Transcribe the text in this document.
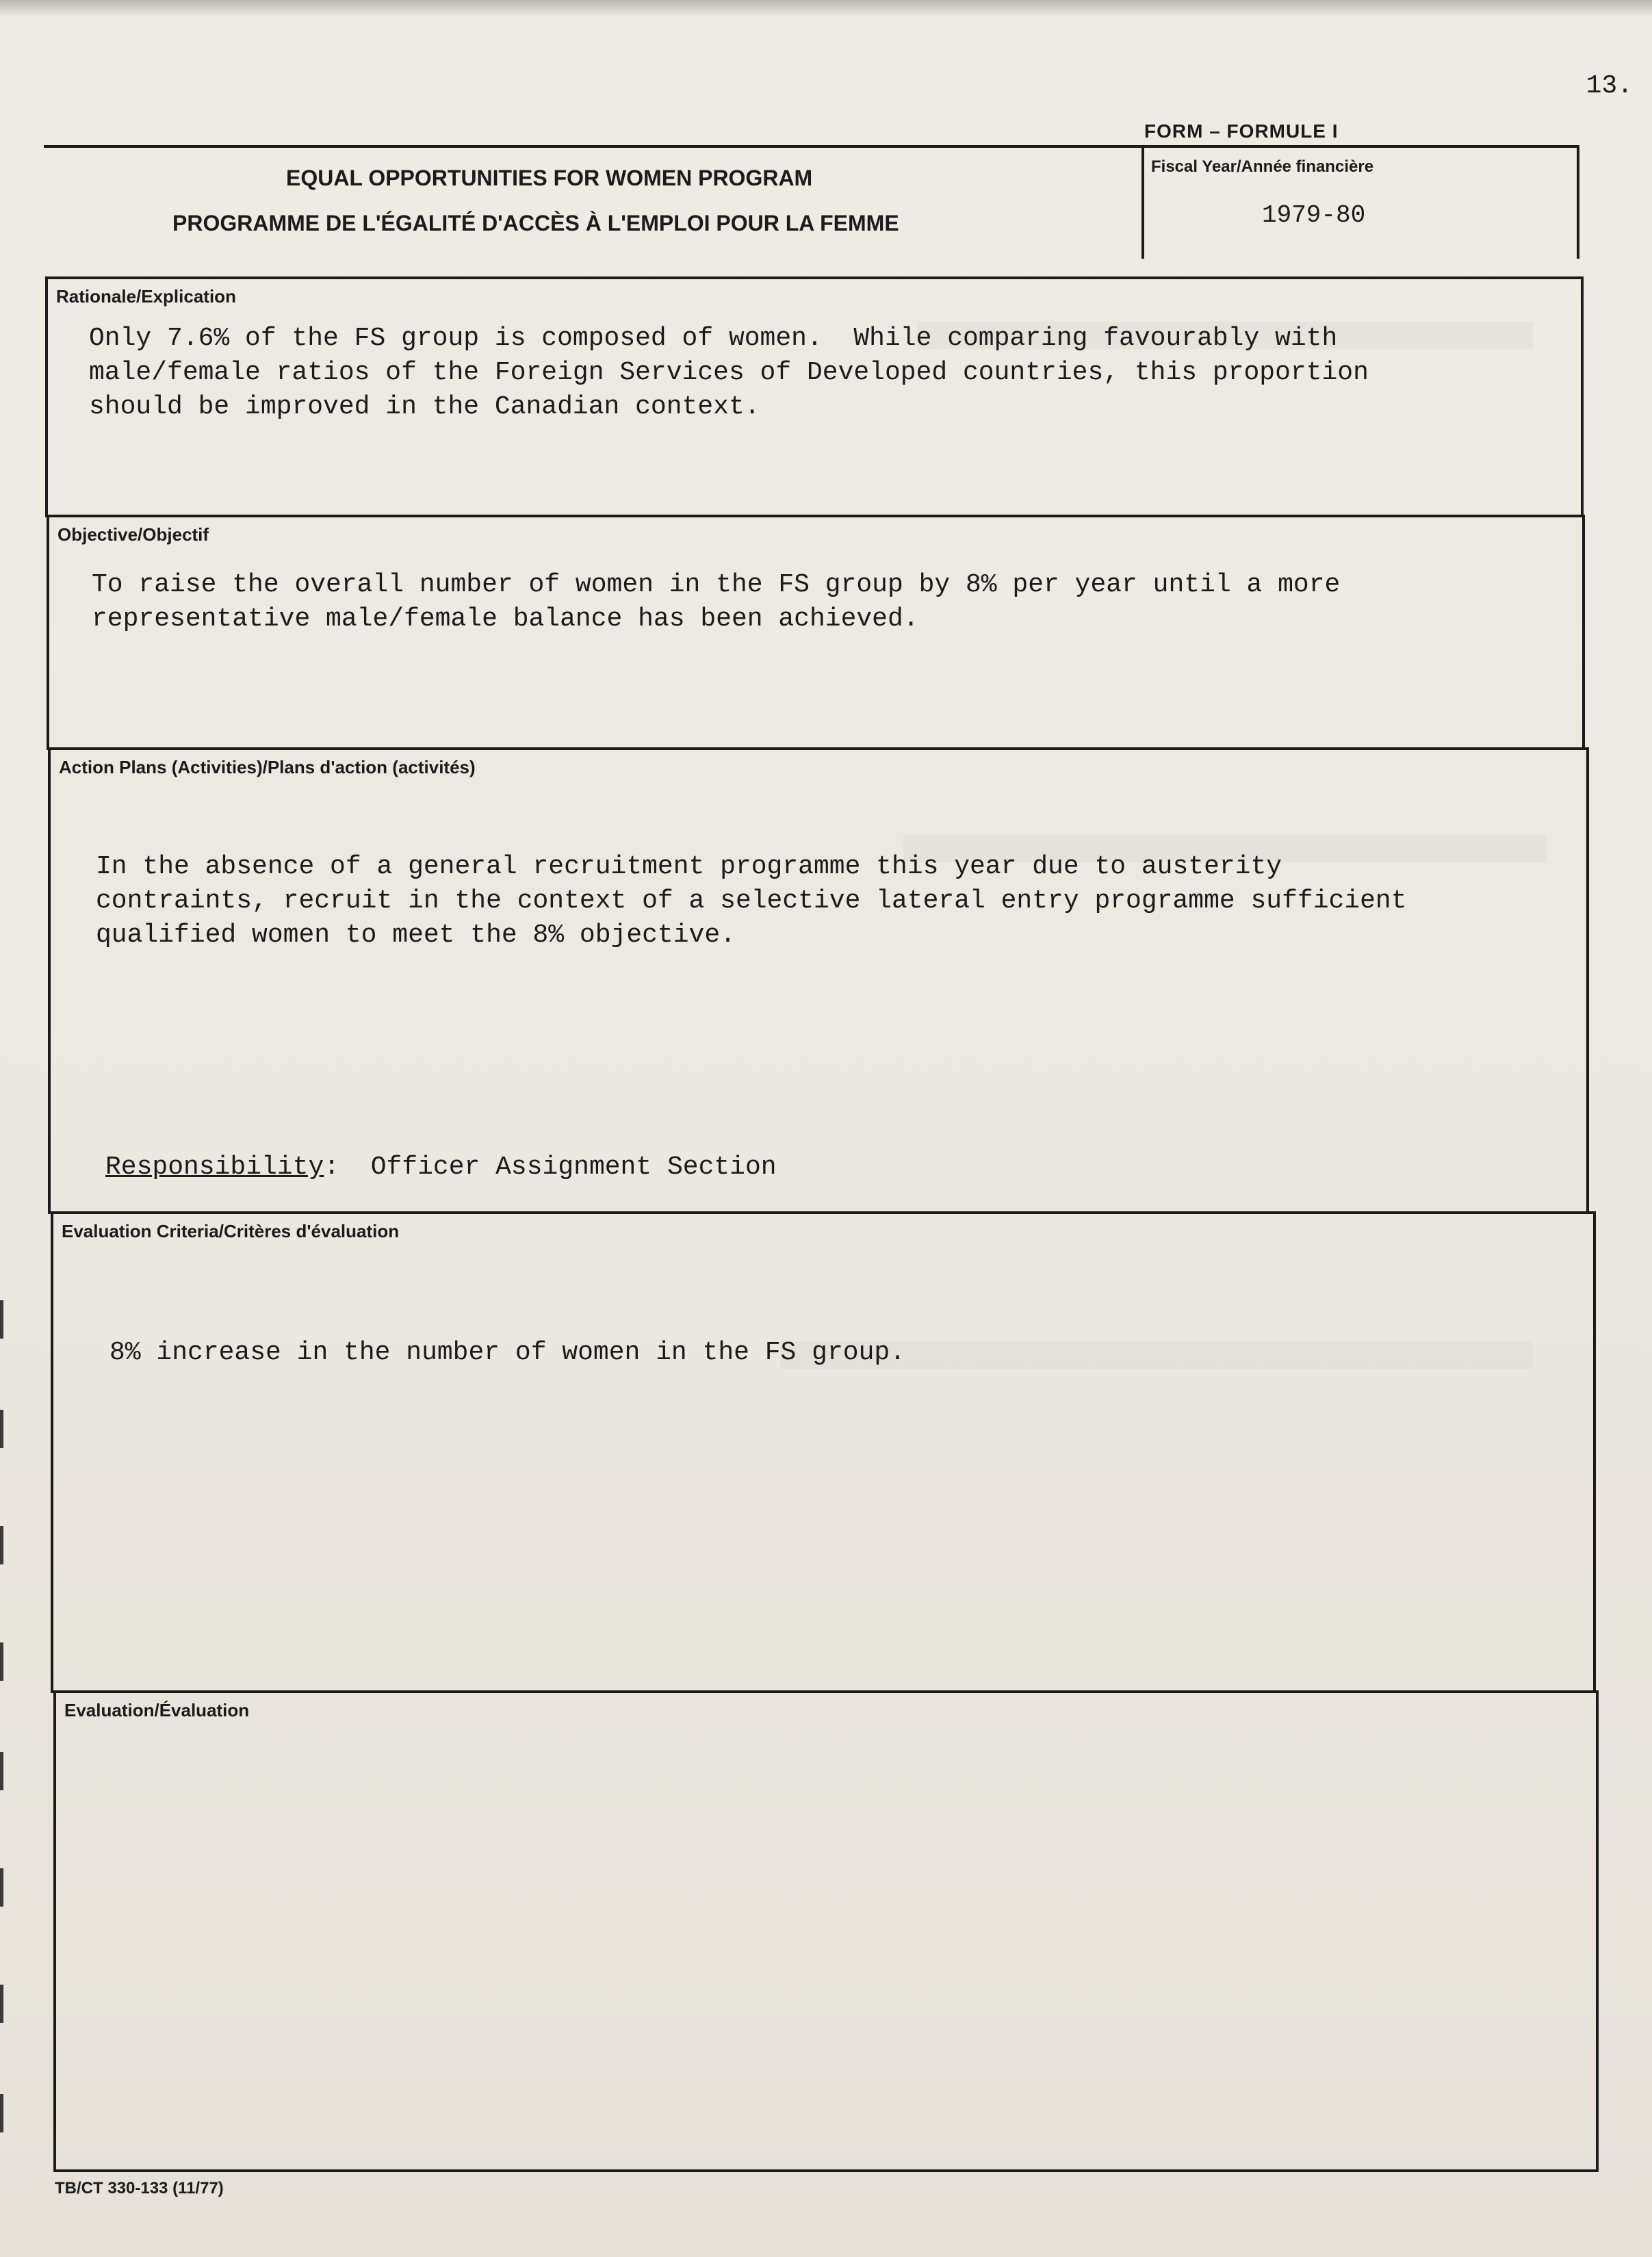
13.
FORM – FORMULE I
EQUAL OPPORTUNITIES FOR WOMEN PROGRAM
PROGRAMME DE L'ÉGALITÉ D'ACCÈS À L'EMPLOI POUR LA FEMME
Fiscal Year/Année financière
1979-80
Rationale/Explication
Only 7.6% of the FS group is composed of women.  While comparing favourably with
male/female ratios of the Foreign Services of Developed countries, this proportion
should be improved in the Canadian context.
Objective/Objectif
To raise the overall number of women in the FS group by 8% per year until a more
representative male/female balance has been achieved.
Action Plans (Activities)/Plans d'action (activités)
In the absence of a general recruitment programme this year due to austerity
contraints, recruit in the context of a selective lateral entry programme sufficient
qualified women to meet the 8% objective.
Responsibility:  Officer Assignment Section
Evaluation Criteria/Critères d'évaluation
8% increase in the number of women in the FS group.
Evaluation/Évaluation
TB/CT 330-133 (11/77)
